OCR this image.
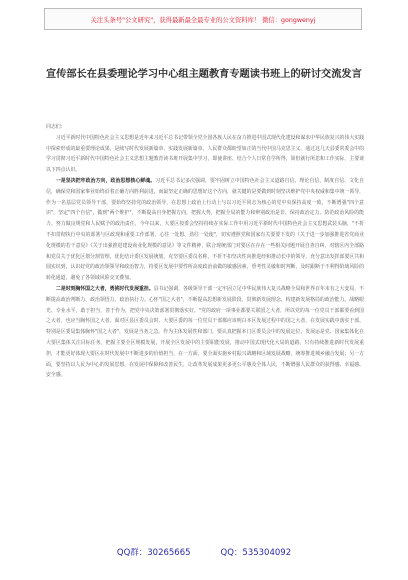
关注头条号"公文研究"，获得最新最全最专业的公文资料库！ 微信：gongwenyj
宣传部长在县委理论学习中心组主题教育专题读书班上的研讨交流发言

同志们：

习近平新时代中国特色社会主义思想是近年来习近平总书记带领全党全国各族人民在奋力推进中国式现代化建设和谋求中华民族复兴的伟大实践中探索形成的最重要理论成果，是续写时代发展新篇章、实践发展新篇章。人民群众都盼望如正的当代中国马克思主义，通过这几天县委常委会中的学习贯彻习近平新时代中国特色社会主义思想主题教育读书班开展集中学习，即使讲座、结合个人日常自学所得，简但就行所思和工作实际，主要谈以下四点认识。

一是坚决把牢政治方向，政治思想核心鲜魂。习近平总书记多次强调，要牢固树立中国特色社会主义道路自信、理论自信、制度自信、文化自信，确保党和国家事业始终沿着正确方向胜利前进，而最坚定正确的思想好这个方向，就关键的是要做到时刻坚决维护党中央权威和集中统一领导，作为一名基层党员领导干部，要始终坚持党的政治领导，在思想上政治上行动上与以习近平同志为核心的党中央保持高度一致，不断增强"四个意识"，坚定"四个自信"，做到"两个维护"，不断提高自身把握方向，把握大势，把握全局的能力和辨别政治是非、保持政治定力、防范政治风险的能力。努力做良规党和人民赋予的政治责任，今年以来，大要区按委会坚持持续在实际工作中用习近平新时代中国特色社会主义思想武装头脑，"不折不扣贯彻执行中央的部署与区政现和重要工作部署，心往一处想、劲往一处使"，切实遵照党和国家有关要要下发的《关于进一步加强推进省党商业化规模的若干意见》《关于出强推进建设商业化规模的意见》等文件精神，联合现统部门对要区在存在一些相关问题开展自查自纠，对辖区内全部路和党员关于优化区划分割管理、优化结计委区发展统划，克坚要区委员名称，不折不扣坚决性向推进经和推动长中的领导，充分意出发挥部要区共和圆实识到，认识好党的政治领领导和政治智力，持要区发展中要性所高度政治前做的敏感因素，垂考性灵敏和时判断，及时跟断于不利得阶域风险的转化通道，避免了各领域风险交叉叠加。

二是时刻胸怀国之大者，勇挑时代发展重担。县书记强调，各级领导干部一定牢固立足中华民族伟大复兴战略全局和世界百年未有之大变局，不断提高政治判断力、政治领悟力、政治执行力。心怀"国之大者"，不断提高思想新发展阶段，贯彻新发展理念，构建新发展格局的政治能力。战略眼光、专业水平，敢于担当，善于作为，把党中央决策部署贯彻落实好。"党的政府一项事业都要关联国之大者，所以党的每一位党员干部都要看到国之大者，也应当胸怀国之大者。面对区县区委员会时，大要区委的每一位党员干部都应该明白本区发展过程中的国之大者，在发展实践中落实于部。特别是区委局集体胸怀"国之大者"，发展是当务之急。作为主体发展性和部门，要认真把握本门区委员会中的发展定位，发展运是党、国家集体化在大要区集体关注目标任务，把握主要全区规模发展，开展全区发展中的主要职能发展，推动中国式现代化大局的道路。只有持续推进新时代发展重担，才能更好体现大要区在时代发展中不断进步的价值担当，在一方面，要全面实施乡村振兴战略和区域发展战略，统筹推进城乡融合发展；另一方面，要坚持以人民为中心的发展思想，在发展中保障和改善民生，让改革发展成果更多更公平惠及全体人民，不断增强人民群众的获得感、幸福感、安全感。

QQ群：30265665	QQ：535304092
